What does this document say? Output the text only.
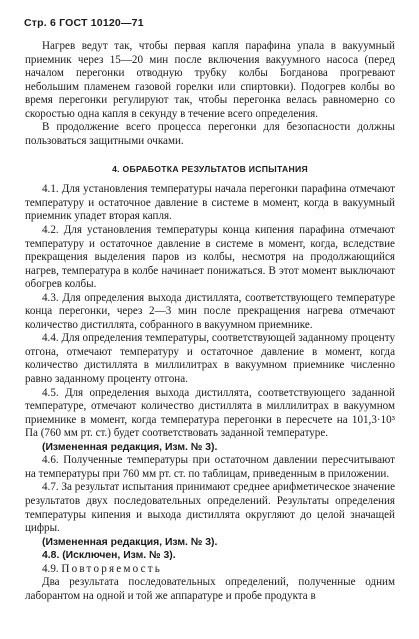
Стр. 6 ГОСТ 10120—71

Нагрев ведут так, чтобы первая капля парафина упала в вакуумный приемник через 15—20 мин после включения вакуумного насоса (перед началом перегонки отводную трубку колбы Богданова прогревают небольшим пламенем газовой горелки или спиртовки). Подогрев колбы во время перегонки регулируют так, чтобы перегонка велась равномерно со скоростью одна капля в секунду в течение всего определения.

В продолжение всего процесса перегонки для безопасности должны пользоваться защитными очками.

4. ОБРАБОТКА РЕЗУЛЬТАТОВ ИСПЫТАНИЯ

4.1. Для установления температуры начала перегонки парафина отмечают температуру и остаточное давление в системе в момент, когда в вакуумный приемник упадет вторая капля.

4.2. Для установления температуры конца кипения парафина отмечают температуру и остаточное давление в системе в момент, когда, вследствие прекращения выделения паров из колбы, несмотря на продолжающийся нагрев, температура в колбе начинает понижаться. В этот момент выключают обогрев колбы.

4.3. Для определения выхода дистиллята, соответствующего температуре конца перегонки, через 2—3 мин после прекращения нагрева отмечают количество дистиллята, собранного в вакуумном приемнике.

4.4. Для определения температуры, соответствующей заданному проценту отгона, отмечают температуру и остаточное давление в момент, когда количество дистиллята в миллилитрах в вакуумном приемнике численно равно заданному проценту отгона.

4.5. Для определения выхода дистиллята, соответствующего заданной температуре, отмечают количество дистиллята в миллилитрах в вакуумном приемнике в момент, когда температура перегонки в пересчете на 101,3·10³ Па (760 мм рт. ст.) будет соответствовать заданной температуре.

(Измененная редакция, Изм. № 3).

4.6. Полученные температуры при остаточном давлении пересчитывают на температуры при 760 мм рт. ст. по таблицам, приведенным в приложении.

4.7. За результат испытания принимают среднее арифметическое значение результатов двух последовательных определений. Результаты определения температуры кипения и выхода дистиллята округляют до целой значащей цифры.

(Измененная редакция, Изм. № 3).
4.8. (Исключен, Изм. № 3).

4.9. Повторяемость

Два результата последовательных определений, полученные одним лаборантом на одной и той же аппаратуре и пробе продукта в
